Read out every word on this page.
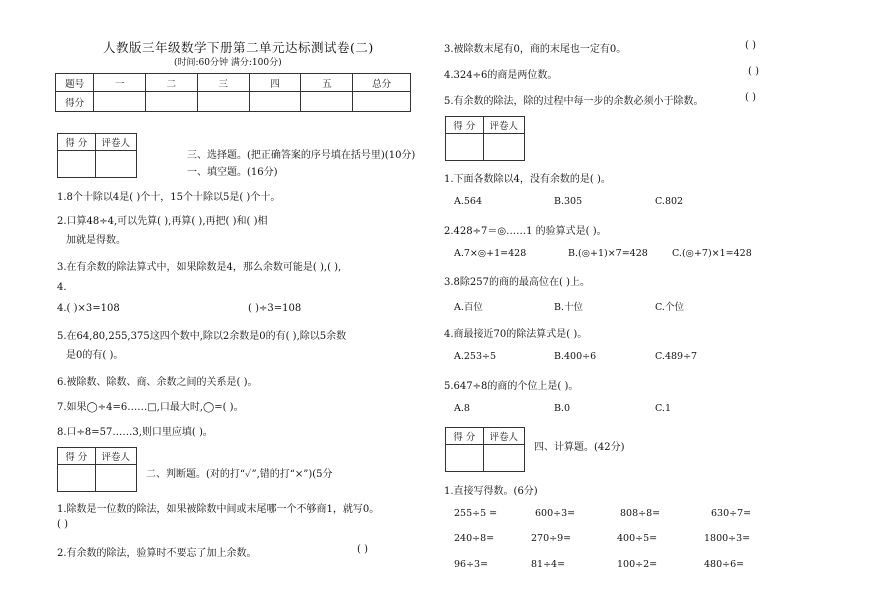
人教版三年级数学下册第二单元达标测试卷(二)
(时间:60分钟 满分:100分)
题号	一	二	三	四	五	总分
得分						
得 分	评卷人

三、选择题。(把正确答案的序号填在括号里)(10分)
一、填空题。(16分)
1.8个十除以4是( )个十，15个十除以5是( )个十。
2.口算48÷4,可以先算( ),再算( ),再把( )和( )相
加就是得数。
3.在有余数的除法算式中，如果除数是4，那么余数可能是( ),( ),
4.
4.( )×3=108	( )÷3=108
5.在64,80,255,375这四个数中,除以2余数是0的有( ),除以5余数
是0的有( )。
6.被除数、除数、商、余数之间的关系是( )。
7.如果◯÷4=6……□,口最大时,◯=( )。
8.口÷8=57……3,则口里应填( )。
得 分	评卷人

二、判断题。(对的打“✓”,错的打“×”)(5分
1.除数是一位数的除法，如果被除数中间或末尾哪一个不够商1，就写0。
( )
2.有余数的除法，验算时不要忘了加上余数。	( )
3.被除数末尾有0，商的末尾也一定有0。	( )
4.324÷6的商是两位数。	( )
5.有余数的除法，除的过程中每一步的余数必须小于除数。	( )
得 分	评卷人

1.下面各数除以4，没有余数的是( )。
A.564	B.305	C.802
2.428÷7＝◎……1 的验算式是( )。
A.7×◎+1=428	B.(◎+1)×7=428	C.(◎+7)×1=428
3.8除257的商的最高位在( )上。
A.百位	B.十位	C.个位
4.商最接近70的除法算式是( )。
A.253÷5	B.400÷6	C.489÷7
5.647÷8的商的个位上是( )。
A.8	B.0	C.1
得 分	评卷人

四、计算题。(42分)
1.直接写得数。(6分)
255÷5 =	600÷3=	808÷8=	630÷7=
240÷8=	270÷9=	400÷5=	1800÷3=
96÷3=	81÷4=	100÷2=	480÷6=
